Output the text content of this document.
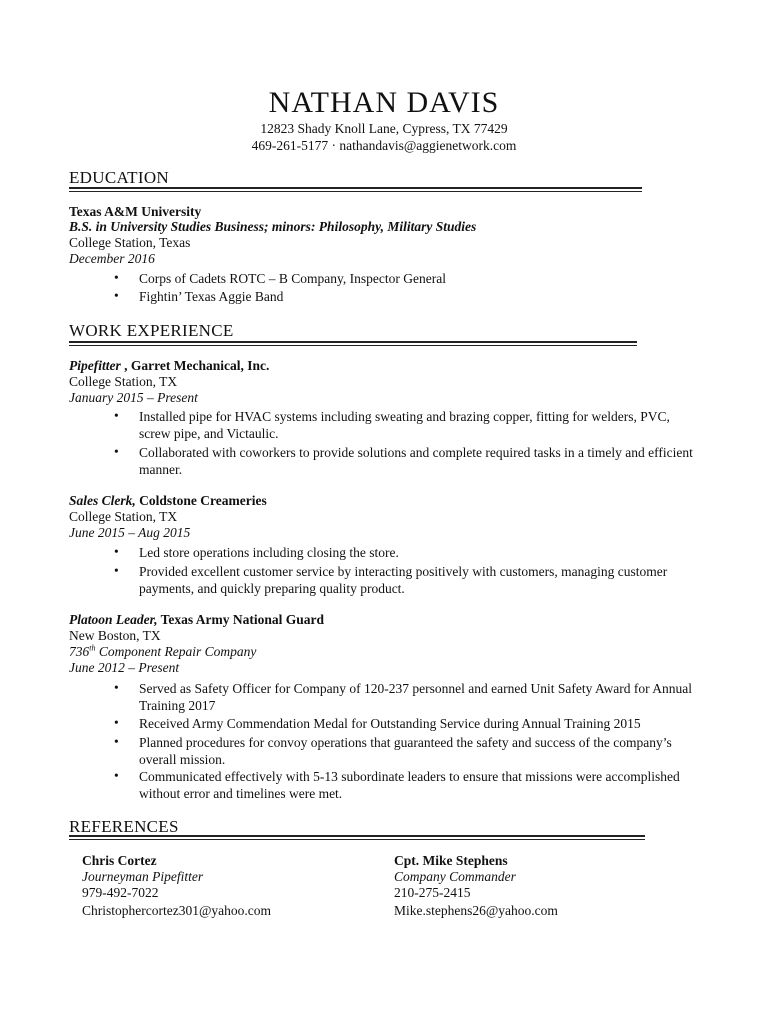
NATHAN DAVIS
12823 Shady Knoll Lane, Cypress, TX 77429
469-261-5177 · nathandavis@aggienetwork.com
EDUCATION
Texas A&M University
B.S. in University Studies Business; minors: Philosophy, Military Studies
College Station, Texas
December 2016
• Corps of Cadets ROTC – B Company, Inspector General
• Fightin’ Texas Aggie Band
WORK EXPERIENCE
Pipefitter , Garret Mechanical, Inc.
College Station, TX
January 2015 – Present
• Installed pipe for HVAC systems including sweating and brazing copper, fitting for welders, PVC, screw pipe, and Victaulic.
• Collaborated with coworkers to provide solutions and complete required tasks in a timely and efficient manner.
Sales Clerk, Coldstone Creameries
College Station, TX
June 2015 – Aug 2015
• Led store operations including closing the store.
• Provided excellent customer service by interacting positively with customers, managing customer payments, and quickly preparing quality product.
Platoon Leader, Texas Army National Guard
New Boston, TX
736th Component Repair Company
June 2012 – Present
• Served as Safety Officer for Company of 120-237 personnel and earned Unit Safety Award for Annual Training 2017
• Received Army Commendation Medal for Outstanding Service during Annual Training 2015
• Planned procedures for convoy operations that guaranteed the safety and success of the company’s overall mission.
• Communicated effectively with 5-13 subordinate leaders to ensure that missions were accomplished without error and timelines were met.
REFERENCES
Chris Cortez
Journeyman Pipefitter
979-492-7022
Christophercortez301@yahoo.com
Cpt. Mike Stephens
Company Commander
210-275-2415
Mike.stephens26@yahoo.com
